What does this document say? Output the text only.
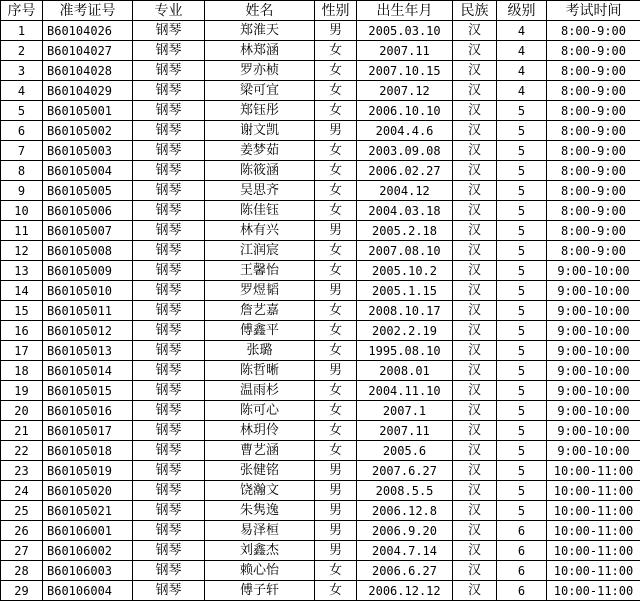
序号	准考证号	专业	姓名	性别	出生年月	民族	级别	考试时间
1	B60104026	钢琴	郑淮天	男	2005.03.10	汉	4	8:00-9:00
2	B60104027	钢琴	林郑涵	女	2007.11	汉	4	8:00-9:00
3	B60104028	钢琴	罗亦桢	女	2007.10.15	汉	4	8:00-9:00
4	B60104029	钢琴	梁可宜	女	2007.12	汉	4	8:00-9:00
5	B60105001	钢琴	郑钰彤	女	2006.10.10	汉	5	8:00-9:00
6	B60105002	钢琴	谢文凯	男	2004.4.6	汉	5	8:00-9:00
7	B60105003	钢琴	姜梦茹	女	2003.09.08	汉	5	8:00-9:00
8	B60105004	钢琴	陈筱涵	女	2006.02.27	汉	5	8:00-9:00
9	B60105005	钢琴	吴思齐	女	2004.12	汉	5	8:00-9:00
10	B60105006	钢琴	陈佳钰	女	2004.03.18	汉	5	8:00-9:00
11	B60105007	钢琴	林有兴	男	2005.2.18	汉	5	8:00-9:00
12	B60105008	钢琴	江润宸	女	2007.08.10	汉	5	8:00-9:00
13	B60105009	钢琴	王馨怡	女	2005.10.2	汉	5	9:00-10:00
14	B60105010	钢琴	罗煜韬	男	2005.1.15	汉	5	9:00-10:00
15	B60105011	钢琴	詹艺嘉	女	2008.10.17	汉	5	9:00-10:00
16	B60105012	钢琴	傅鑫平	女	2002.2.19	汉	5	9:00-10:00
17	B60105013	钢琴	张璐	女	1995.08.10	汉	5	9:00-10:00
18	B60105014	钢琴	陈哲晰	男	2008.01	汉	5	9:00-10:00
19	B60105015	钢琴	温雨杉	女	2004.11.10	汉	5	9:00-10:00
20	B60105016	钢琴	陈可心	女	2007.1	汉	5	9:00-10:00
21	B60105017	钢琴	林玥伶	女	2007.11	汉	5	9:00-10:00
22	B60105018	钢琴	曹艺涵	女	2005.6	汉	5	9:00-10:00
23	B60105019	钢琴	张健铭	男	2007.6.27	汉	5	10:00-11:00
24	B60105020	钢琴	饶瀚文	男	2008.5.5	汉	5	10:00-11:00
25	B60105021	钢琴	朱隽逸	男	2006.12.8	汉	5	10:00-11:00
26	B60106001	钢琴	易泽桓	男	2006.9.20	汉	6	10:00-11:00
27	B60106002	钢琴	刘鑫杰	男	2004.7.14	汉	6	10:00-11:00
28	B60106003	钢琴	赖心怡	女	2006.6.27	汉	6	10:00-11:00
29	B60106004	钢琴	傅子轩	女	2006.12.12	汉	6	10:00-11:00
